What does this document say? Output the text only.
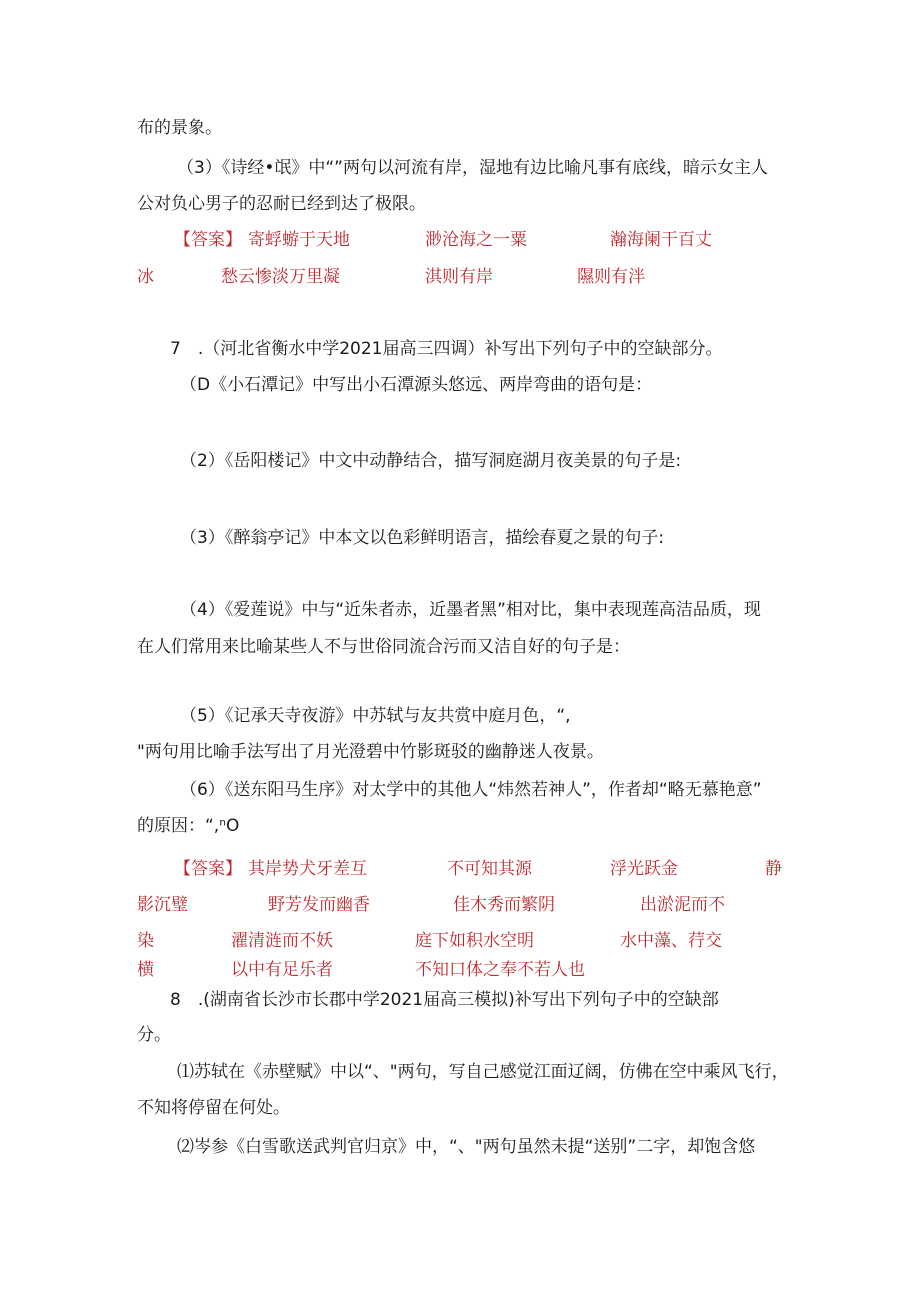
布的景象。
（3）《诗经•氓》中“”两句以河流有岸，湿地有边比喻凡事有底线，暗示女主人
公对负心男子的忍耐已经到达了极限。
【答案】 寄蜉蝣于天地	渺沧海之一粟	瀚海阑干百丈
冰	愁云惨淡万里凝	淇则有岸	隰则有泮
7　.（河北省衡水中学2021届高三四调）补写出下列句子中的空缺部分。
（D《小石潭记》中写出小石潭源头悠远、两岸弯曲的语句是：
（2）《岳阳楼记》中文中动静结合，描写洞庭湖月夜美景的句子是:
（3）《醉翁亭记》中本文以色彩鲜明语言，描绘春夏之景的句子:
（4）《爱莲说》中与“近朱者赤，近墨者黑”相对比，集中表现莲高洁品质，现
在人们常用来比喻某些人不与世俗同流合污而又洁自好的句子是：
（5）《记承天寺夜游》中苏轼与友共赏中庭月色，“,
"两句用比喻手法写出了月光澄碧中竹影斑驳的幽静迷人夜景。
（6）《送东阳马生序》对太学中的其他人“炜然若神人”，作者却“略无慕艳意”
的原因：“,ⁿO
【答案】 其岸势犬牙差互	不可知其源	浮光跃金	静
影沉璧	野芳发而幽香	佳木秀而繁阴	出淤泥而不
染	濯清涟而不妖	庭下如积水空明	水中藻、荇交
横	以中有足乐者	不知口体之奉不若人也
8　.(湖南省长沙市长郡中学2021届高三模拟)补写出下列句子中的空缺部
分。
⑴苏轼在《赤壁赋》中以“、"两句，写自己感觉江面辽阔，仿佛在空中乘风飞行，
不知将停留在何处。
⑵岑参《白雪歌送武判官归京》中，“、"两句虽然未提“送别”二字，却饱含悠
